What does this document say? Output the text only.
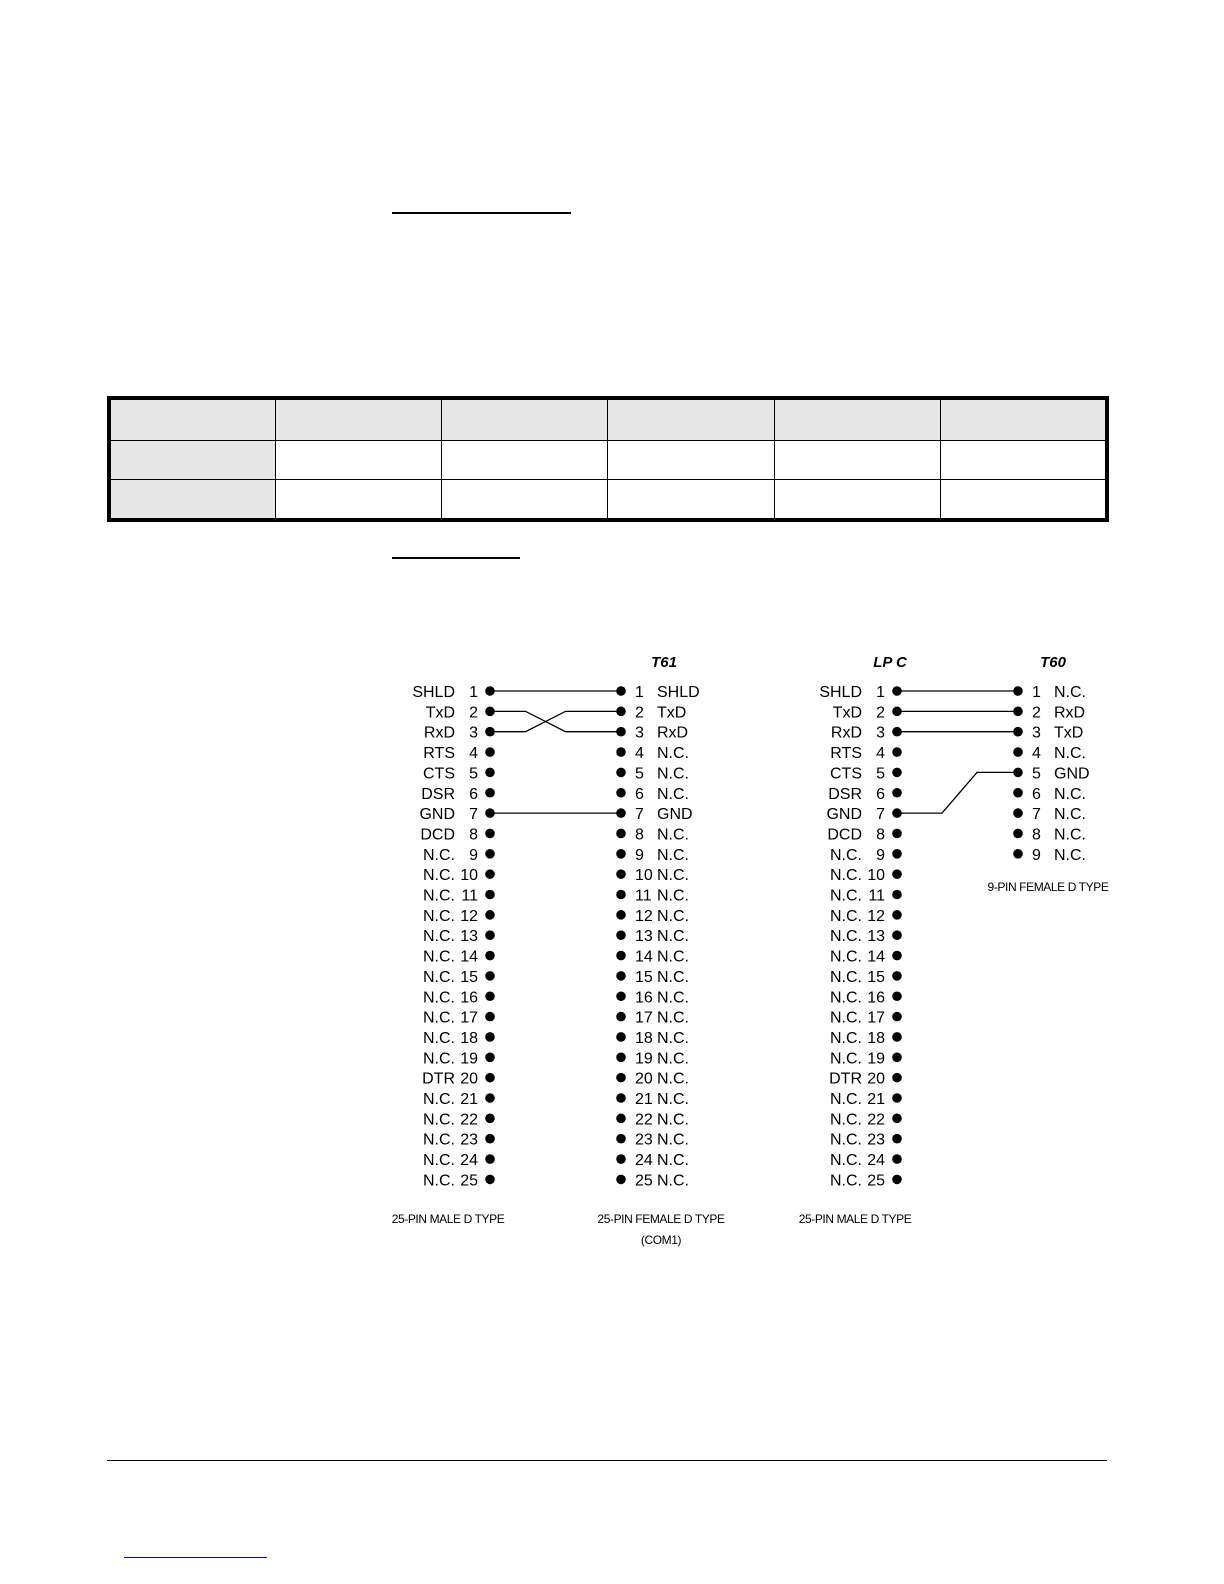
T61	LP C	T60
SHLD 1
TxD 2
RxD 3
RTS 4
CTS 5
DSR 6
GND 7
DCD 8
N.C. 9
N.C. 10
N.C. 11
N.C. 12
N.C. 13
N.C. 14
N.C. 15
N.C. 16
N.C. 17
N.C. 18
N.C. 19
DTR 20
N.C. 21
N.C. 22
N.C. 23
N.C. 24
N.C. 25
1 SHLD
2 TxD
3 RxD
4 N.C.
5 N.C.
6 N.C.
7 GND
8 N.C.
9 N.C.
10 N.C.
11 N.C.
12 N.C.
13 N.C.
14 N.C.
15 N.C.
16 N.C.
17 N.C.
18 N.C.
19 N.C.
20 N.C.
21 N.C.
22 N.C.
23 N.C.
24 N.C.
25 N.C.
SHLD 1
TxD 2
RxD 3
RTS 4
CTS 5
DSR 6
GND 7
DCD 8
N.C. 9
N.C. 10
N.C. 11
N.C. 12
N.C. 13
N.C. 14
N.C. 15
N.C. 16
N.C. 17
N.C. 18
N.C. 19
DTR 20
N.C. 21
N.C. 22
N.C. 23
N.C. 24
N.C. 25
1 N.C.
2 RxD
3 TxD
4 N.C.
5 GND
6 N.C.
7 N.C.
8 N.C.
9 N.C.
25-PIN MALE D TYPE	25-PIN FEMALE D TYPE
(COM1)
25-PIN MALE D TYPE
9-PIN FEMALE D TYPE
